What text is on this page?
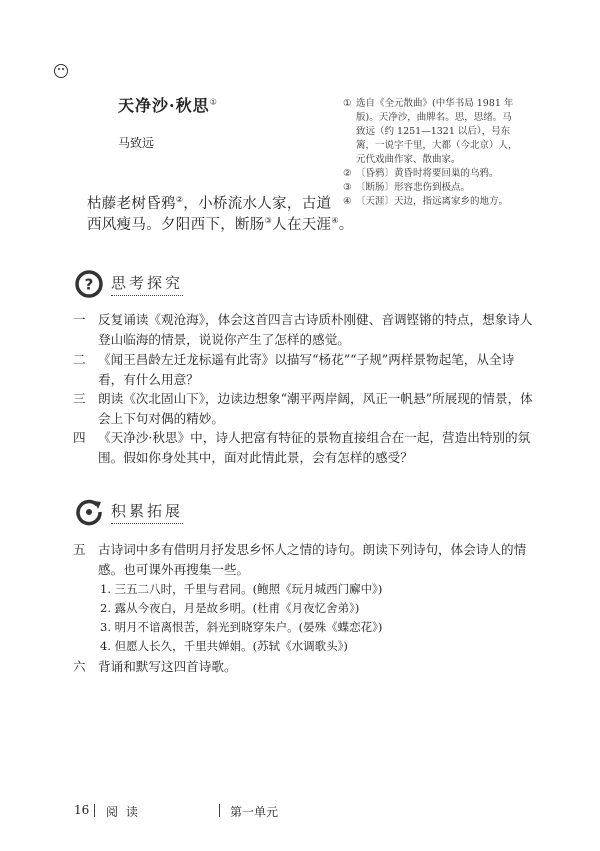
天净沙·秋思①
马致远
枯藤老树昏鸦②，小桥流水人家，古道
西风瘦马。夕阳西下，断肠③人在天涯④。
① 选自《全元散曲》(中华书局 1981 年版)。天净沙，曲牌名。思，思绪。马致远（约 1251—1321 以后），号东篱，一说字千里，大都（今北京）人，元代戏曲作家、散曲家。
② 〔昏鸦〕黄昏时将要回巢的乌鸦。
③ 〔断肠〕形容悲伤到极点。
④ 〔天涯〕天边，指远离家乡的地方。
? 思考探究
一 反复诵读《观沧海》，体会这首四言古诗质朴刚健、音调铿锵的特点，想象诗人登山临海的情景，说说你产生了怎样的感觉。
二 《闻王昌龄左迁龙标遥有此寄》以描写“杨花”“子规”两样景物起笔，从全诗看，有什么用意？
三 朗读《次北固山下》，边读边想象“潮平两岸阔，风正一帆悬”所展现的情景，体会上下句对偶的精妙。
四 《天净沙·秋思》中，诗人把富有特征的景物直接组合在一起，营造出特别的氛围。假如你身处其中，面对此情此景，会有怎样的感受？
积累拓展
五 古诗词中多有借明月抒发思乡怀人之情的诗句。朗读下列诗句，体会诗人的情感。也可课外再搜集一些。
1. 三五二八时，千里与君同。(鲍照《玩月城西门廨中》)
2. 露从今夜白，月是故乡明。(杜甫《月夜忆舍弟》)
3. 明月不谙离恨苦，斜光到晓穿朱户。(晏殊《蝶恋花》)
4. 但愿人长久，千里共婵娟。(苏轼《水调歌头》)
六 背诵和默写这四首诗歌。
16 阅 读	第一单元
